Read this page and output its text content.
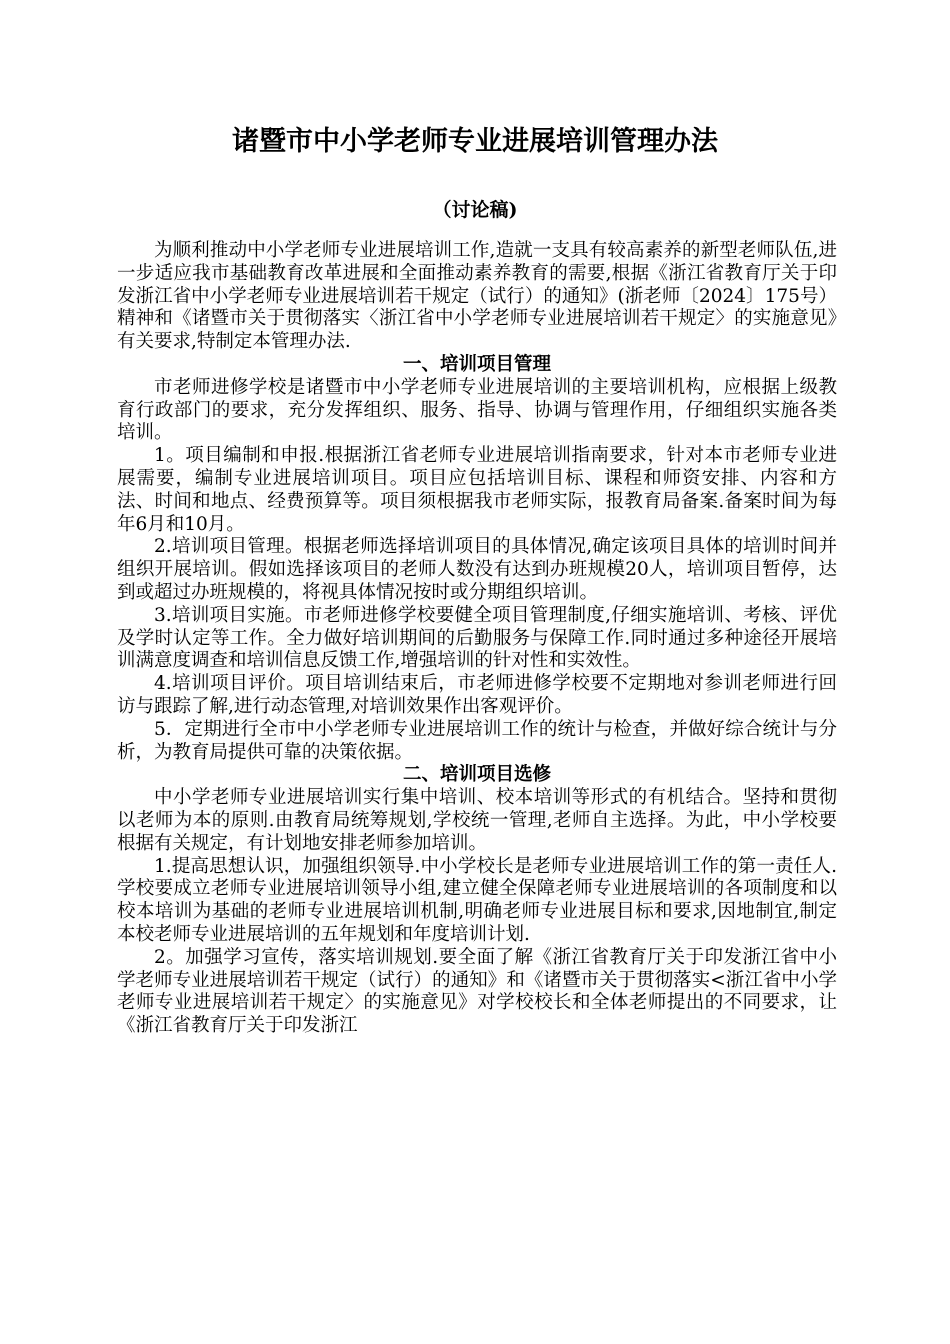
诸暨市中小学老师专业进展培训管理办法
（讨论稿)

为顺利推动中小学老师专业进展培训工作,造就一支具有较高素养的新型老师队伍,进一步适应我市基础教育改革进展和全面推动素养教育的需要,根据《浙江省教育厅关于印发浙江省中小学老师专业进展培训若干规定（试行）的通知》(浙老师〔2024〕175号）精神和《诸暨市关于贯彻落实〈浙江省中小学老师专业进展培训若干规定〉的实施意见》有关要求,特制定本管理办法.

一、培训项目管理

市老师进修学校是诸暨市中小学老师专业进展培训的主要培训机构，应根据上级教育行政部门的要求，充分发挥组织、服务、指导、协调与管理作用，仔细组织实施各类培训。

1。项目编制和申报.根据浙江省老师专业进展培训指南要求，针对本市老师专业进展需要，编制专业进展培训项目。项目应包括培训目标、课程和师资安排、内容和方法、时间和地点、经费预算等。项目须根据我市老师实际，报教育局备案.备案时间为每年6月和10月。

2.培训项目管理。根据老师选择培训项目的具体情况,确定该项目具体的培训时间并组织开展培训。假如选择该项目的老师人数没有达到办班规模20人，培训项目暂停，达到或超过办班规模的，将视具体情况按时或分期组织培训。

3.培训项目实施。市老师进修学校要健全项目管理制度,仔细实施培训、考核、评优及学时认定等工作。全力做好培训期间的后勤服务与保障工作.同时通过多种途径开展培训满意度调查和培训信息反馈工作,增强培训的针对性和实效性。

4.培训项目评价。项目培训结束后，市老师进修学校要不定期地对参训老师进行回访与跟踪了解,进行动态管理,对培训效果作出客观评价。

5．定期进行全市中小学老师专业进展培训工作的统计与检查，并做好综合统计与分析，为教育局提供可靠的决策依据。

二、培训项目选修

中小学老师专业进展培训实行集中培训、校本培训等形式的有机结合。坚持和贯彻以老师为本的原则.由教育局统筹规划,学校统一管理,老师自主选择。为此，中小学校要根据有关规定，有计划地安排老师参加培训。

1.提高思想认识，加强组织领导.中小学校长是老师专业进展培训工作的第一责任人.学校要成立老师专业进展培训领导小组,建立健全保障老师专业进展培训的各项制度和以校本培训为基础的老师专业进展培训机制,明确老师专业进展目标和要求,因地制宜,制定本校老师专业进展培训的五年规划和年度培训计划.

2。加强学习宣传，落实培训规划.要全面了解《浙江省教育厅关于印发浙江省中小学老师专业进展培训若干规定（试行）的通知》和《诸暨市关于贯彻落实<浙江省中小学老师专业进展培训若干规定〉的实施意见》对学校校长和全体老师提出的不同要求，让《浙江省教育厅关于印发浙江
